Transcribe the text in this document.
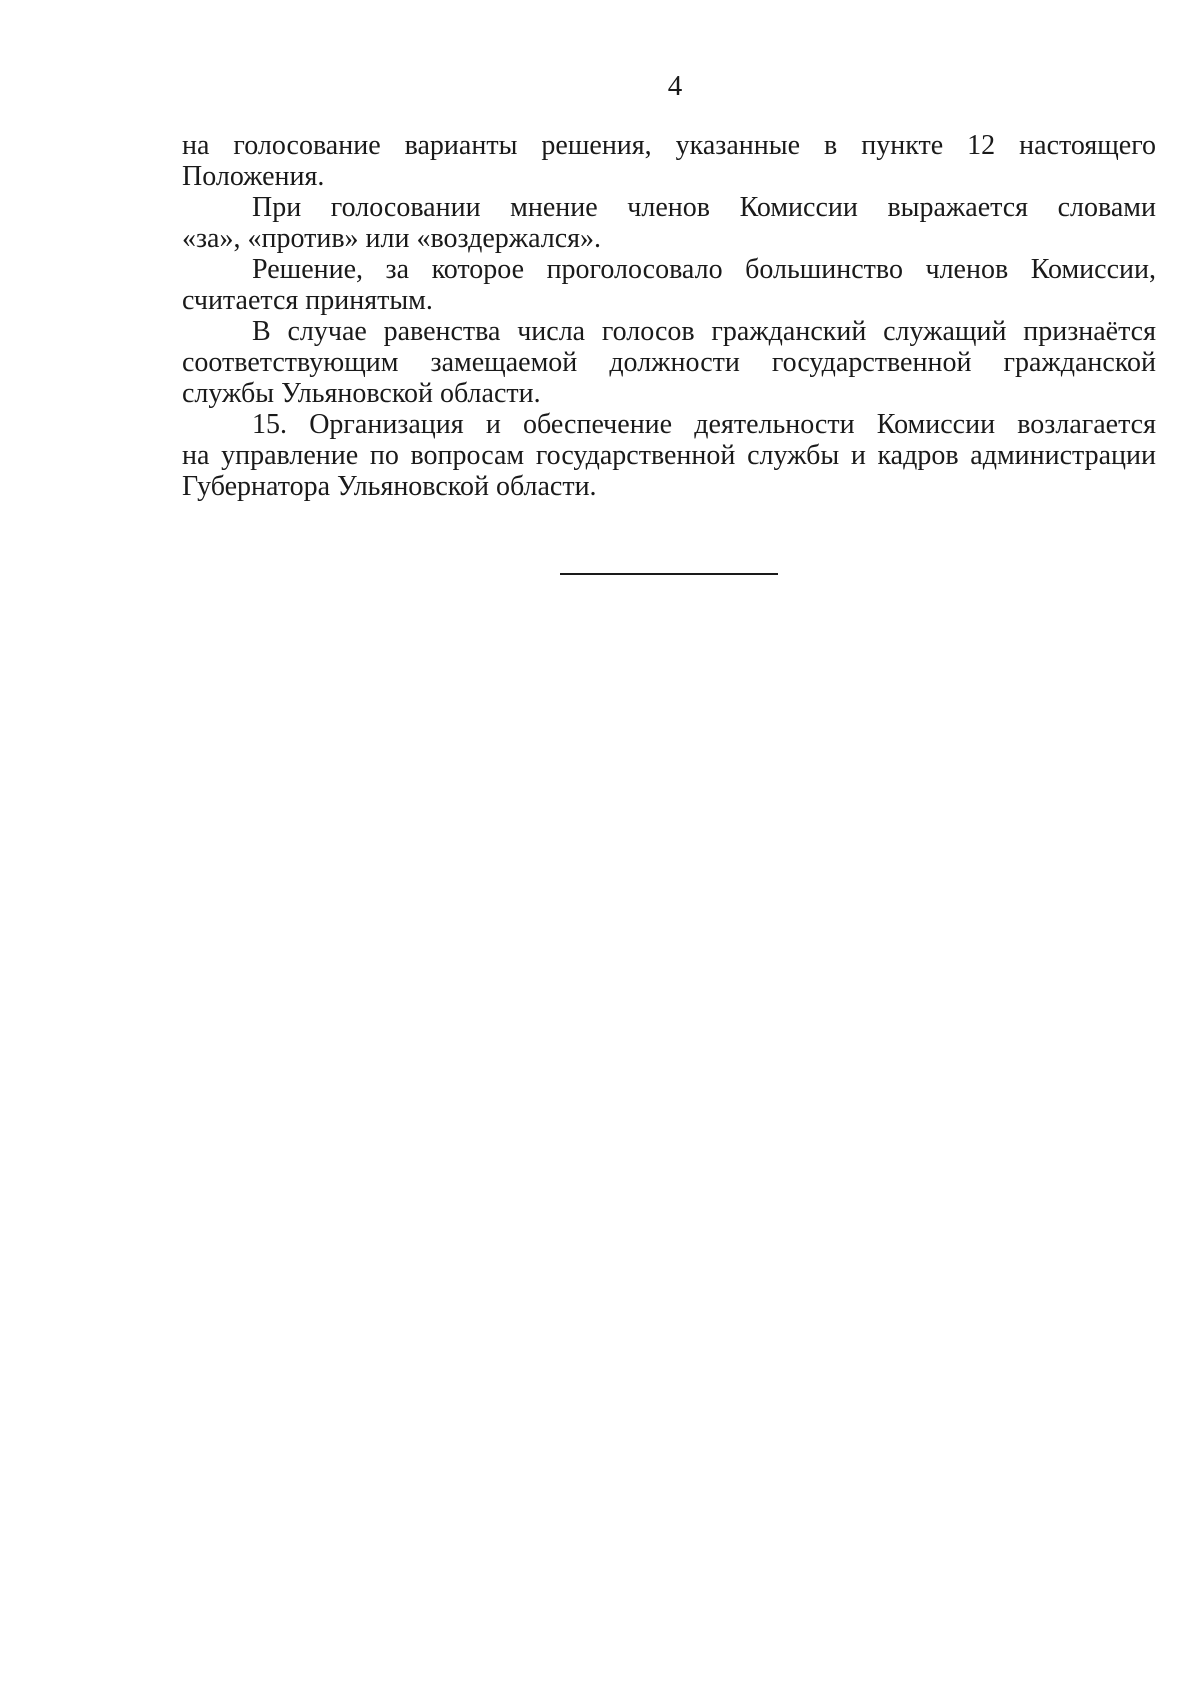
4

на голосование варианты решения, указанные в пункте 12 настоящего
Положения.

При голосовании мнение членов Комиссии выражается словами
«за», «против» или «воздержался».

Решение, за которое проголосовало большинство членов Комиссии,
считается принятым.

В случае равенства числа голосов гражданский служащий признаётся
соответствующим замещаемой должности государственной гражданской
службы Ульяновской области.

15. Организация и обеспечение деятельности Комиссии возлагается
на управление по вопросам государственной службы и кадров администрации
Губернатора Ульяновской области.
